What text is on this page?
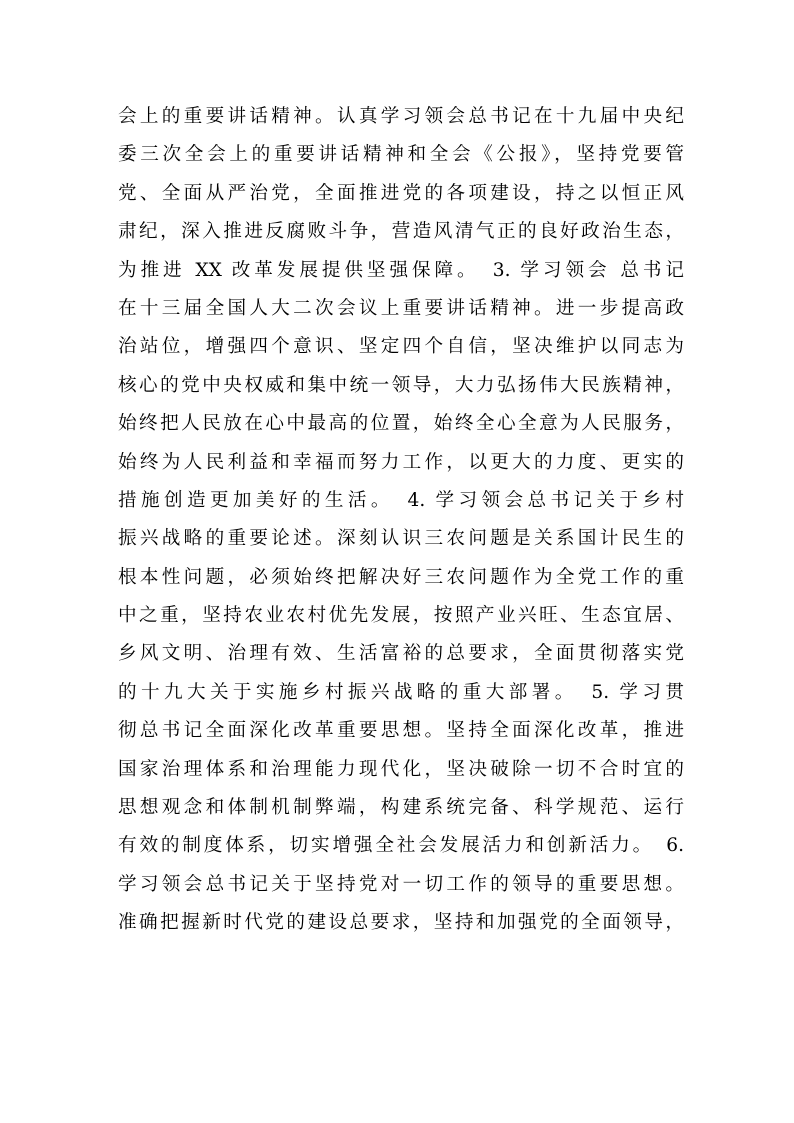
会上的重要讲话精神。认真学习领会总书记在十九届中央纪
委三次全会上的重要讲话精神和全会《公报》，坚持党要管
党、全面从严治党，全面推进党的各项建设，持之以恒正风
肃纪，深入推进反腐败斗争，营造风清气正的良好政治生态，
为推进 XX 改革发展提供坚强保障。　3. 学习领会 总书记
在十三届全国人大二次会议上重要讲话精神。进一步提高政
治站位，增强四个意识、坚定四个自信，坚决维护以同志为
核心的党中央权威和集中统一领导，大力弘扬伟大民族精神，
始终把人民放在心中最高的位置，始终全心全意为人民服务，
始终为人民利益和幸福而努力工作，以更大的力度、更实的
措施创造更加美好的生活。　4. 学习领会总书记关于乡村
振兴战略的重要论述。深刻认识三农问题是关系国计民生的
根本性问题，必须始终把解决好三农问题作为全党工作的重
中之重，坚持农业农村优先发展，按照产业兴旺、生态宜居、
乡风文明、治理有效、生活富裕的总要求，全面贯彻落实党
的十九大关于实施乡村振兴战略的重大部署。　5. 学习贯
彻总书记全面深化改革重要思想。坚持全面深化改革，推进
国家治理体系和治理能力现代化，坚决破除一切不合时宜的
思想观念和体制机制弊端，构建系统完备、科学规范、运行
有效的制度体系，切实增强全社会发展活力和创新活力。　6.
学习领会总书记关于坚持党对一切工作的领导的重要思想。
准确把握新时代党的建设总要求，坚持和加强党的全面领导，
